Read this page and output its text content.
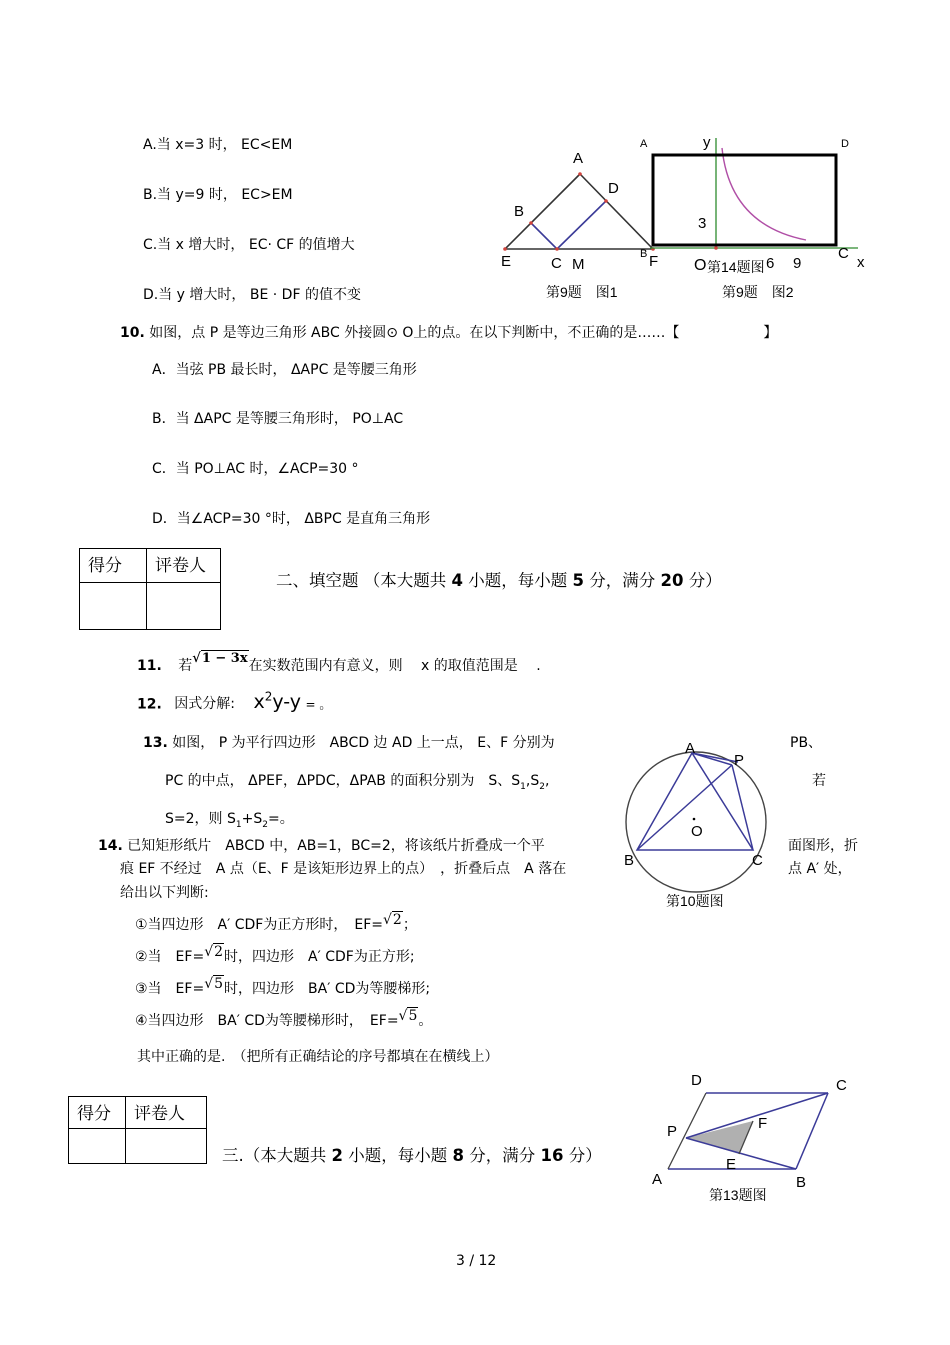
A.当 x=3 时， EC<EM
B.当 y=9 时， EC>EM
C.当 x 增大时， EC· CF 的值增大
D.当 y 增大时， BE · DF 的值不变
A
B
D
E	C M	F
第9题　图1
A	D
B	C
y
x
O
3
6 9
第14题图
第9题　图2
10. 如图，点 P 是等边三角形 ABC 外接圆⊙ O上的点。在以下判断中，不正确的是……【　　　　　　】
A．当弦 PB 最长时， ΔAPC 是等腰三角形
B．当 ΔAPC 是等腰三角形时， PO⊥AC
C．当 PO⊥AC 时，∠ACP=30 °
D．当∠ACP=30 °时， ΔBPC 是直角三角形
得分	评卷人

二、填空题 （本大题共 4 小题，每小题 5 分，满分 20 分）
11. 若√1 − 3x在实数范围内有意义，则　 x 的取值范围是　 .
12. 因式分解: $x^2y-y$ = 。
13. 如图， P 为平行四边形　ABCD 边 AD 上一点， E、F 分别为	PB、
PC 的中点， ΔPEF，ΔPDC，ΔPAB 的面积分别为　S、$S_1,S_2$,	若
S=2，则 $S_1+S_2=$。
A
P
O
B	C
第10题图
14. 已知矩形纸片　ABCD 中，AB=1，BC=2，将该纸片折叠成一个平	面图形，折
痕 EF 不经过　A 点（E、F 是该矩形边界上的点）　，折叠后点　A 落在	点 A′ 处，
给出以下判断:
①当四边形　A′ CDF为正方形时，　EF=√2；
②当　EF=√2时，四边形　A′ CDF为正方形;
③当　EF=√5时，四边形　BA′ CD为等腰梯形;
④当四边形　BA′ CD为等腰梯形时，　EF=√5。
其中正确的是.　（把所有正确结论的序号都填在在横线上）
D	C
P	F
E
A	B
第13题图
得分	评卷人

三.（本大题共 2 小题，每小题 8 分，满分 16 分）
3 / 12
